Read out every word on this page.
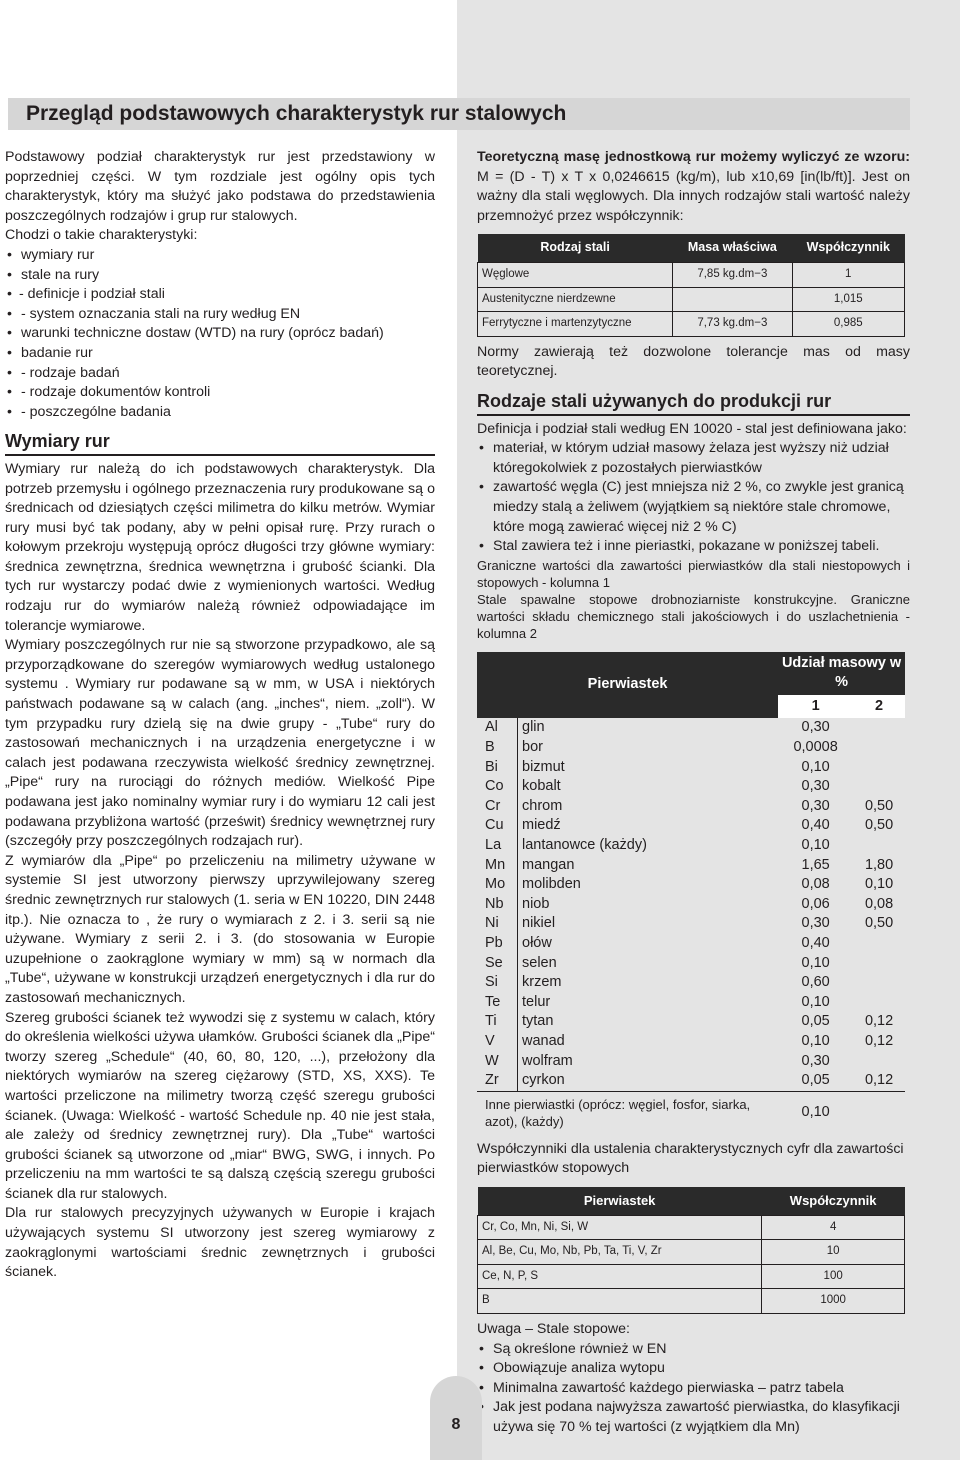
Przegląd podstawowych charakterystyk rur stalowych

Podstawowy podział charakterystyk rur jest przedstawiony w poprzedniej części. W tym rozdziale jest ogólny opis tych charakterystyk, który ma służyć jako podstawa do przedstawienia poszczególnych rodzajów i grup rur stalowych.

Chodzi o takie charakterystyki:

• wymiary rur
• stale na rury
• - definicje i podział stali
• - system oznaczania stali na rury według EN
• warunki techniczne dostaw (WTD) na rury (oprócz badań)
• badanie rur
• - rodzaje badań
• - rodzaje dokumentów kontroli
• - poszczególne badania
Wymiary rur

Wymiary rur należą do ich podstawowych charakterystyk. Dla potrzeb przemysłu i ogólnego przeznaczenia rury produkowane są o średnicach od dziesiątych części milimetra do kilku metrów. Wymiar rury musi być tak podany, aby w pełni opisał rurę. Przy rurach o kołowym przekroju występują oprócz długości trzy główne wymiary: średnica zewnętrzna, średnica wewnętrzna i grubość ścianki. Dla tych rur wystarczy podać dwie z wymienionych wartości. Według rodzaju rur do wymiarów należą również odpowiadające im tolerancje wymiarowe.

Wymiary poszczególnych rur nie są stworzone przypadkowo, ale są przyporządkowane do szeregów wymiarowych według ustalonego systemu . Wymiary rur podawane są w mm, w USA i niektórych państwach podawane są w calach (ang. „inches“, niem. „zoll“). W tym przypadku rury dzielą się na dwie grupy - „Tube“ rury do zastosowań mechanicznych i na urządzenia energetyczne i w calach jest podawana rzeczywista wielkość średnicy zewnętrznej. „Pipe“ rury na rurociągi do różnych mediów. Wielkość Pipe podawana jest jako nominalny wymiar rury i do wymiaru 12 cali jest podawana przybliżona wartość (prześwit) średnicy wewnętrznej rury (szczegóły przy poszczególnych rodzajach rur).

Z wymiarów dla „Pipe“ po przeliczeniu na milimetry używane w systemie SI jest utworzony pierwszy uprzywilejowany szereg średnic zewnętrznych rur stalowych (1. seria w EN 10220, DIN 2448 itp.). Nie oznacza to , że rury o wymiarach z 2. i 3. serii są nie używane. Wymiary z serii 2. i 3. (do stosowania w Europie uzupełnione o zaokrąglone wymiary w mm) są w normach dla „Tube“, używane w konstrukcji urządzeń energetycznych i dla rur do zastosowań mechanicznych.

Szereg grubości ścianek też wywodzi się z systemu w calach, który do określenia wielkości używa ułamków. Grubości ścianek dla „Pipe“ tworzy szereg „Schedule“ (40, 60, 80, 120, ...), przełożony dla niektórych wymiarów na szereg ciężarowy (STD, XS, XXS). Te wartości przeliczone na milimetry tworzą część szeregu grubości ścianek. (Uwaga: Wielkość - wartość Schedule np. 40 nie jest stała, ale zależy od średnicy zewnętrznej rury). Dla „Tube“ wartości grubości ścianek są utworzone od „miar“ BWG, SWG, i innych. Po przeliczeniu na mm wartości te są dalszą częścią szeregu grubości ścianek dla rur stalowych.

Dla rur stalowych precyzyjnych używanych w Europie i krajach używających systemu SI utworzony jest szereg wymiarowy z zaokrąglonymi wartościami średnic zewnętrznych i grubości ścianek.

Teoretyczną masę jednostkową rur możemy wyliczyć ze wzoru: M = (D - T) x T x 0,0246615 (kg/m), lub x10,69 [in(lb/ft)]. Jest on ważny dla stali węglowych. Dla innych rodzajów stali wartość należy przemnożyć przez współczynnik:

Rodzaj stali	Masa właściwa	Współczynnik
Węglowe	7,85 kg.dm−3	1
Austenityczne nierdzewne		1,015
Ferrytyczne i martenzytyczne	7,73 kg.dm−3	0,985

Normy zawierają też dozwolone tolerancje mas od masy teoretycznej.

Rodzaje stali używanych do produkcji rur

Definicja i podział stali według EN 10020 - stal jest definiowana jako:

• materiał, w którym udział masowy żelaza jest wyższy niż udział któregokolwiek z pozostałych pierwiastków
• zawartość węgla (C) jest mniejsza niż 2 %, co zwykle jest granicą miedzy stalą a żeliwem (wyjątkiem są niektóre stale chromowe, które mogą zawierać więcej niż 2 % C)
• Stal zawiera też i inne pieriastki, pokazane w poniższej tabeli.

Graniczne wartości dla zawartości pierwiastków dla stali niestopowych i stopowych - kolumna 1

Stale spawalne stopowe drobnoziarniste konstrukcyjne. Graniczne wartości składu chemicznego stali jakościowych i do uszlachetnienia - kolumna 2

Pierwiastek		Udział masowy w %	
		1	2
Al	glin	0,30	
B	bor	0,0008	
Bi	bizmut	0,10	
Co	kobalt	0,30	
Cr	chrom	0,30	0,50
Cu	miedź	0,40	0,50
La	lantanowce (każdy)	0,10	
Mn	mangan	1,65	1,80
Mo	molibden	0,08	0,10
Nb	niob	0,06	0,08
Ni	nikiel	0,30	0,50
Pb	ołów	0,40	
Se	selen	0,10	
Si	krzem	0,60	
Te	telur	0,10	
Ti	tytan	0,05	0,12
V	wanad	0,10	0,12
W	wolfram	0,30	
Zr	cyrkon	0,05	0,12
Inne pierwiastki (oprócz: węgiel, fosfor, siarka, azot), (każdy)		0,10	

Współczynniki dla ustalenia charakterystycznych cyfr dla zawartości pierwiastków stopowych

Pierwiastek	Współczynnik
Cr, Co, Mn, Ni, Si, W	4
Al, Be, Cu, Mo, Nb, Pb, Ta, Ti, V, Zr	10
Ce, N, P, S	100
B	1000

Uwaga – Stale stopowe:

• Są określone również w EN
• Obowiązuje analiza wytopu
• Minimalna zawartość każdego pierwiaska – patrz tabela
• Jak jest podana najwyższa zawartość pierwiastka, do klasyfikacji używa się 70 % tej wartości (z wyjątkiem dla Mn)
8
